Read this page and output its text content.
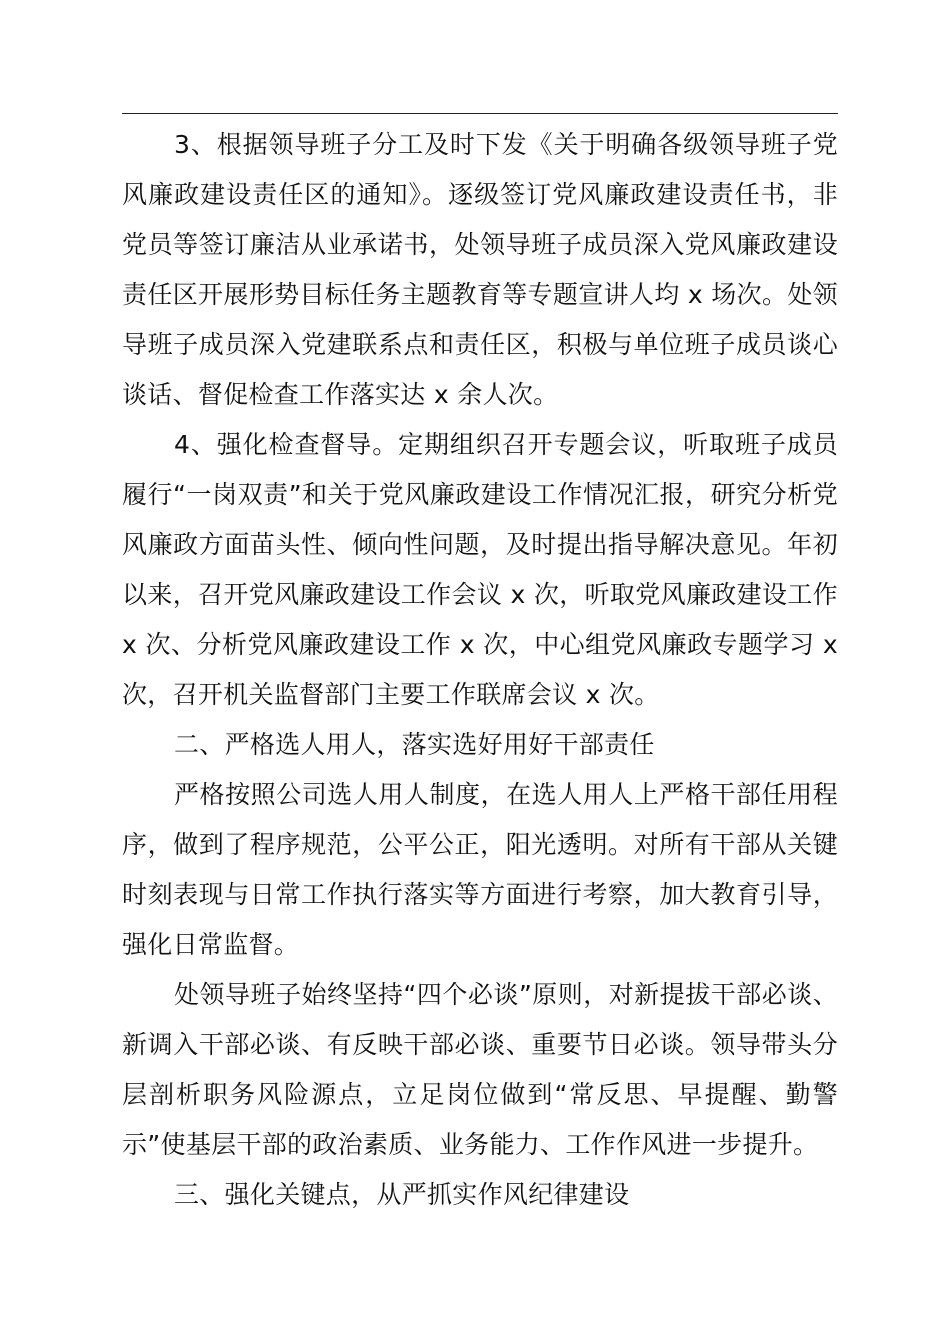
3、根据领导班子分工及时下发《关于明确各级领导班子党风廉政建设责任区的通知》。逐级签订党风廉政建设责任书，非党员等签订廉洁从业承诺书，处领导班子成员深入党风廉政建设责任区开展形势目标任务主题教育等专题宣讲人均 x 场次。处领导班子成员深入党建联系点和责任区，积极与单位班子成员谈心谈话、督促检查工作落实达 x 余人次。

4、强化检查督导。定期组织召开专题会议，听取班子成员履行“一岗双责”和关于党风廉政建设工作情况汇报，研究分析党风廉政方面苗头性、倾向性问题，及时提出指导解决意见。年初以来，召开党风廉政建设工作会议 x 次，听取党风廉政建设工作 x 次、分析党风廉政建设工作 x 次，中心组党风廉政专题学习 x 次，召开机关监督部门主要工作联席会议 x 次。

二、严格选人用人，落实选好用好干部责任

严格按照公司选人用人制度，在选人用人上严格干部任用程序，做到了程序规范，公平公正，阳光透明。对所有干部从关键时刻表现与日常工作执行落实等方面进行考察，加大教育引导，强化日常监督。

处领导班子始终坚持“四个必谈”原则，对新提拔干部必谈、新调入干部必谈、有反映干部必谈、重要节日必谈。领导带头分层剖析职务风险源点，立足岗位做到“常反思、早提醒、勤警示”使基层干部的政治素质、业务能力、工作作风进一步提升。

三、强化关键点，从严抓实作风纪律建设
